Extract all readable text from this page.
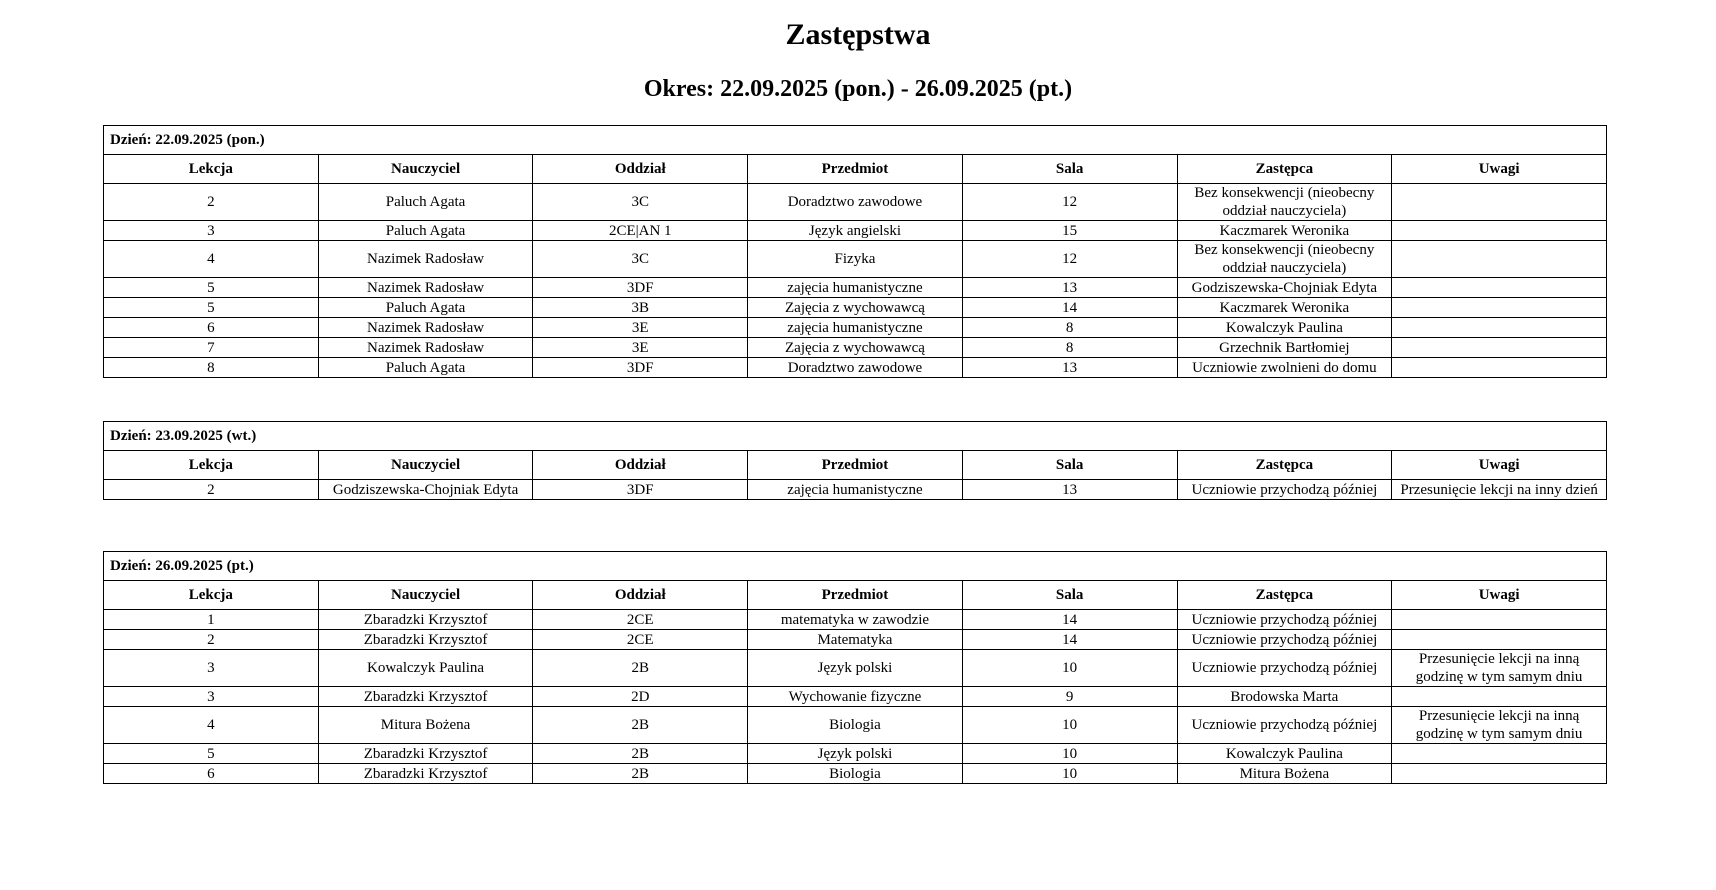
Zastępstwa
Okres: 22.09.2025 (pon.) - 26.09.2025 (pt.)
Dzień: 22.09.2025 (pon.)						
Lekcja	Nauczyciel	Oddział	Przedmiot	Sala	Zastępca	Uwagi
2	Paluch Agata	3C	Doradztwo zawodowe	12	Bez konsekwencji (nieobecny oddział nauczyciela)	
3	Paluch Agata	2CE|AN 1	Język angielski	15	Kaczmarek Weronika	
4	Nazimek Radosław	3C	Fizyka	12	Bez konsekwencji (nieobecny oddział nauczyciela)	
5	Nazimek Radosław	3DF	zajęcia humanistyczne	13	Godziszewska-Chojniak Edyta	
5	Paluch Agata	3B	Zajęcia z wychowawcą	14	Kaczmarek Weronika	
6	Nazimek Radosław	3E	zajęcia humanistyczne	8	Kowalczyk Paulina	
7	Nazimek Radosław	3E	Zajęcia z wychowawcą	8	Grzechnik Bartłomiej	
8	Paluch Agata	3DF	Doradztwo zawodowe	13	Uczniowie zwolnieni do domu	
Dzień: 23.09.2025 (wt.)						
Lekcja	Nauczyciel	Oddział	Przedmiot	Sala	Zastępca	Uwagi
2	Godziszewska-Chojniak Edyta	3DF	zajęcia humanistyczne	13	Uczniowie przychodzą później	Przesunięcie lekcji na inny dzień
Dzień: 26.09.2025 (pt.)						
Lekcja	Nauczyciel	Oddział	Przedmiot	Sala	Zastępca	Uwagi
1	Zbaradzki Krzysztof	2CE	matematyka w zawodzie	14	Uczniowie przychodzą później	
2	Zbaradzki Krzysztof	2CE	Matematyka	14	Uczniowie przychodzą później	
3	Kowalczyk Paulina	2B	Język polski	10	Uczniowie przychodzą później	Przesunięcie lekcji na inną godzinę w tym samym dniu
3	Zbaradzki Krzysztof	2D	Wychowanie fizyczne	9	Brodowska Marta	
4	Mitura Bożena	2B	Biologia	10	Uczniowie przychodzą później	Przesunięcie lekcji na inną godzinę w tym samym dniu
5	Zbaradzki Krzysztof	2B	Język polski	10	Kowalczyk Paulina	
6	Zbaradzki Krzysztof	2B	Biologia	10	Mitura Bożena	
